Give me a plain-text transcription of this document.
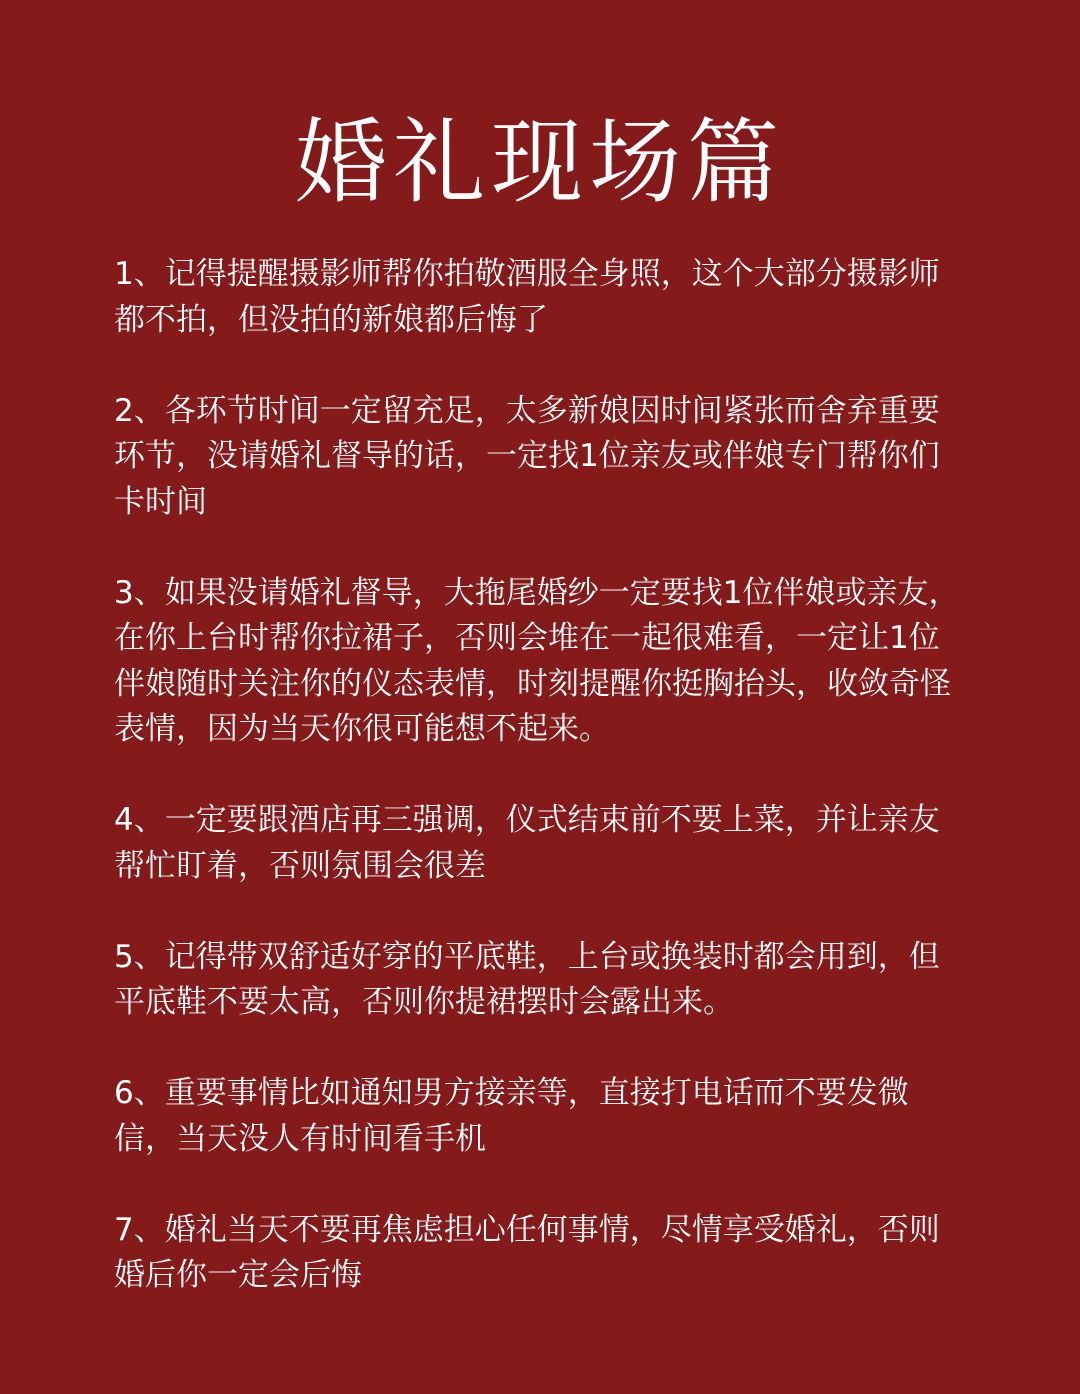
婚礼现场篇
1、记得提醒摄影师帮你拍敬酒服全身照，这个大部分摄影师都不拍，但没拍的新娘都后悔了
2、各环节时间一定留充足，太多新娘因时间紧张而舍弃重要环节，没请婚礼督导的话，一定找1位亲友或伴娘专门帮你们卡时间
3、如果没请婚礼督导，大拖尾婚纱一定要找1位伴娘或亲友，在你上台时帮你拉裙子，否则会堆在一起很难看，一定让1位伴娘随时关注你的仪态表情，时刻提醒你挺胸抬头，收敛奇怪表情，因为当天你很可能想不起来。
4、一定要跟酒店再三强调，仪式结束前不要上菜，并让亲友帮忙盯着，否则氛围会很差
5、记得带双舒适好穿的平底鞋，上台或换装时都会用到，但平底鞋不要太高，否则你提裙摆时会露出来。
6、重要事情比如通知男方接亲等，直接打电话而不要发微信，当天没人有时间看手机
7、婚礼当天不要再焦虑担心任何事情，尽情享受婚礼，否则婚后你一定会后悔
